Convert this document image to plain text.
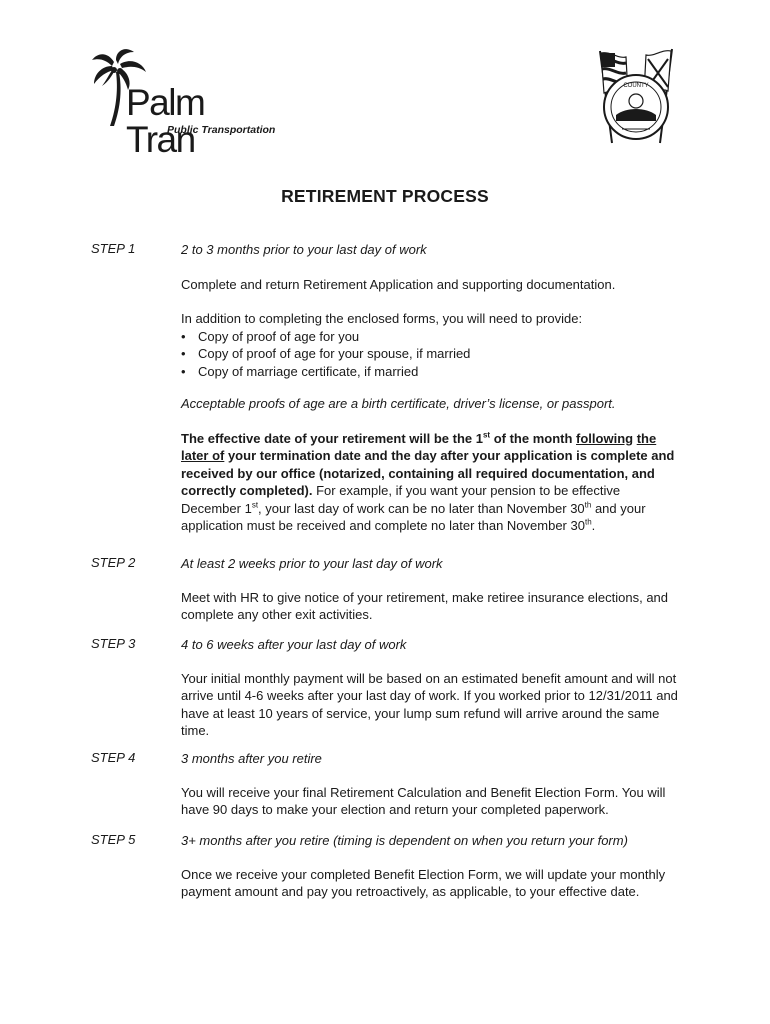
Palm Tran
Public Transportation
COUNTY
RETIREMENT PROCESS
STEP 1	2 to 3 months prior to your last day of work

Complete and return Retirement Application and supporting documentation.

In addition to completing the enclosed forms, you will need to provide:

• Copy of proof of age for you
• Copy of proof of age for your spouse, if married
• Copy of marriage certificate, if married

Acceptable proofs of age are a birth certificate, driver’s license, or passport.

The effective date of your retirement will be the 1st of the month following the later of your termination date and the day after your application is complete and received by our office (notarized, containing all required documentation, and correctly completed). For example, if you want your pension to be effective December 1st, your last day of work can be no later than November 30th and your application must be received and complete no later than November 30th.

STEP 2	At least 2 weeks prior to your last day of work

Meet with HR to give notice of your retirement, make retiree insurance elections, and complete any other exit activities.

STEP 3	4 to 6 weeks after your last day of work

Your initial monthly payment will be based on an estimated benefit amount and will not arrive until 4-6 weeks after your last day of work. If you worked prior to 12/31/2011 and have at least 10 years of service, your lump sum refund will arrive around the same time.

STEP 4	3 months after you retire

You will receive your final Retirement Calculation and Benefit Election Form. You will have 90 days to make your election and return your completed paperwork.

STEP 5	3+ months after you retire (timing is dependent on when you return your form)

Once we receive your completed Benefit Election Form, we will update your monthly payment amount and pay you retroactively, as applicable, to your effective date.
